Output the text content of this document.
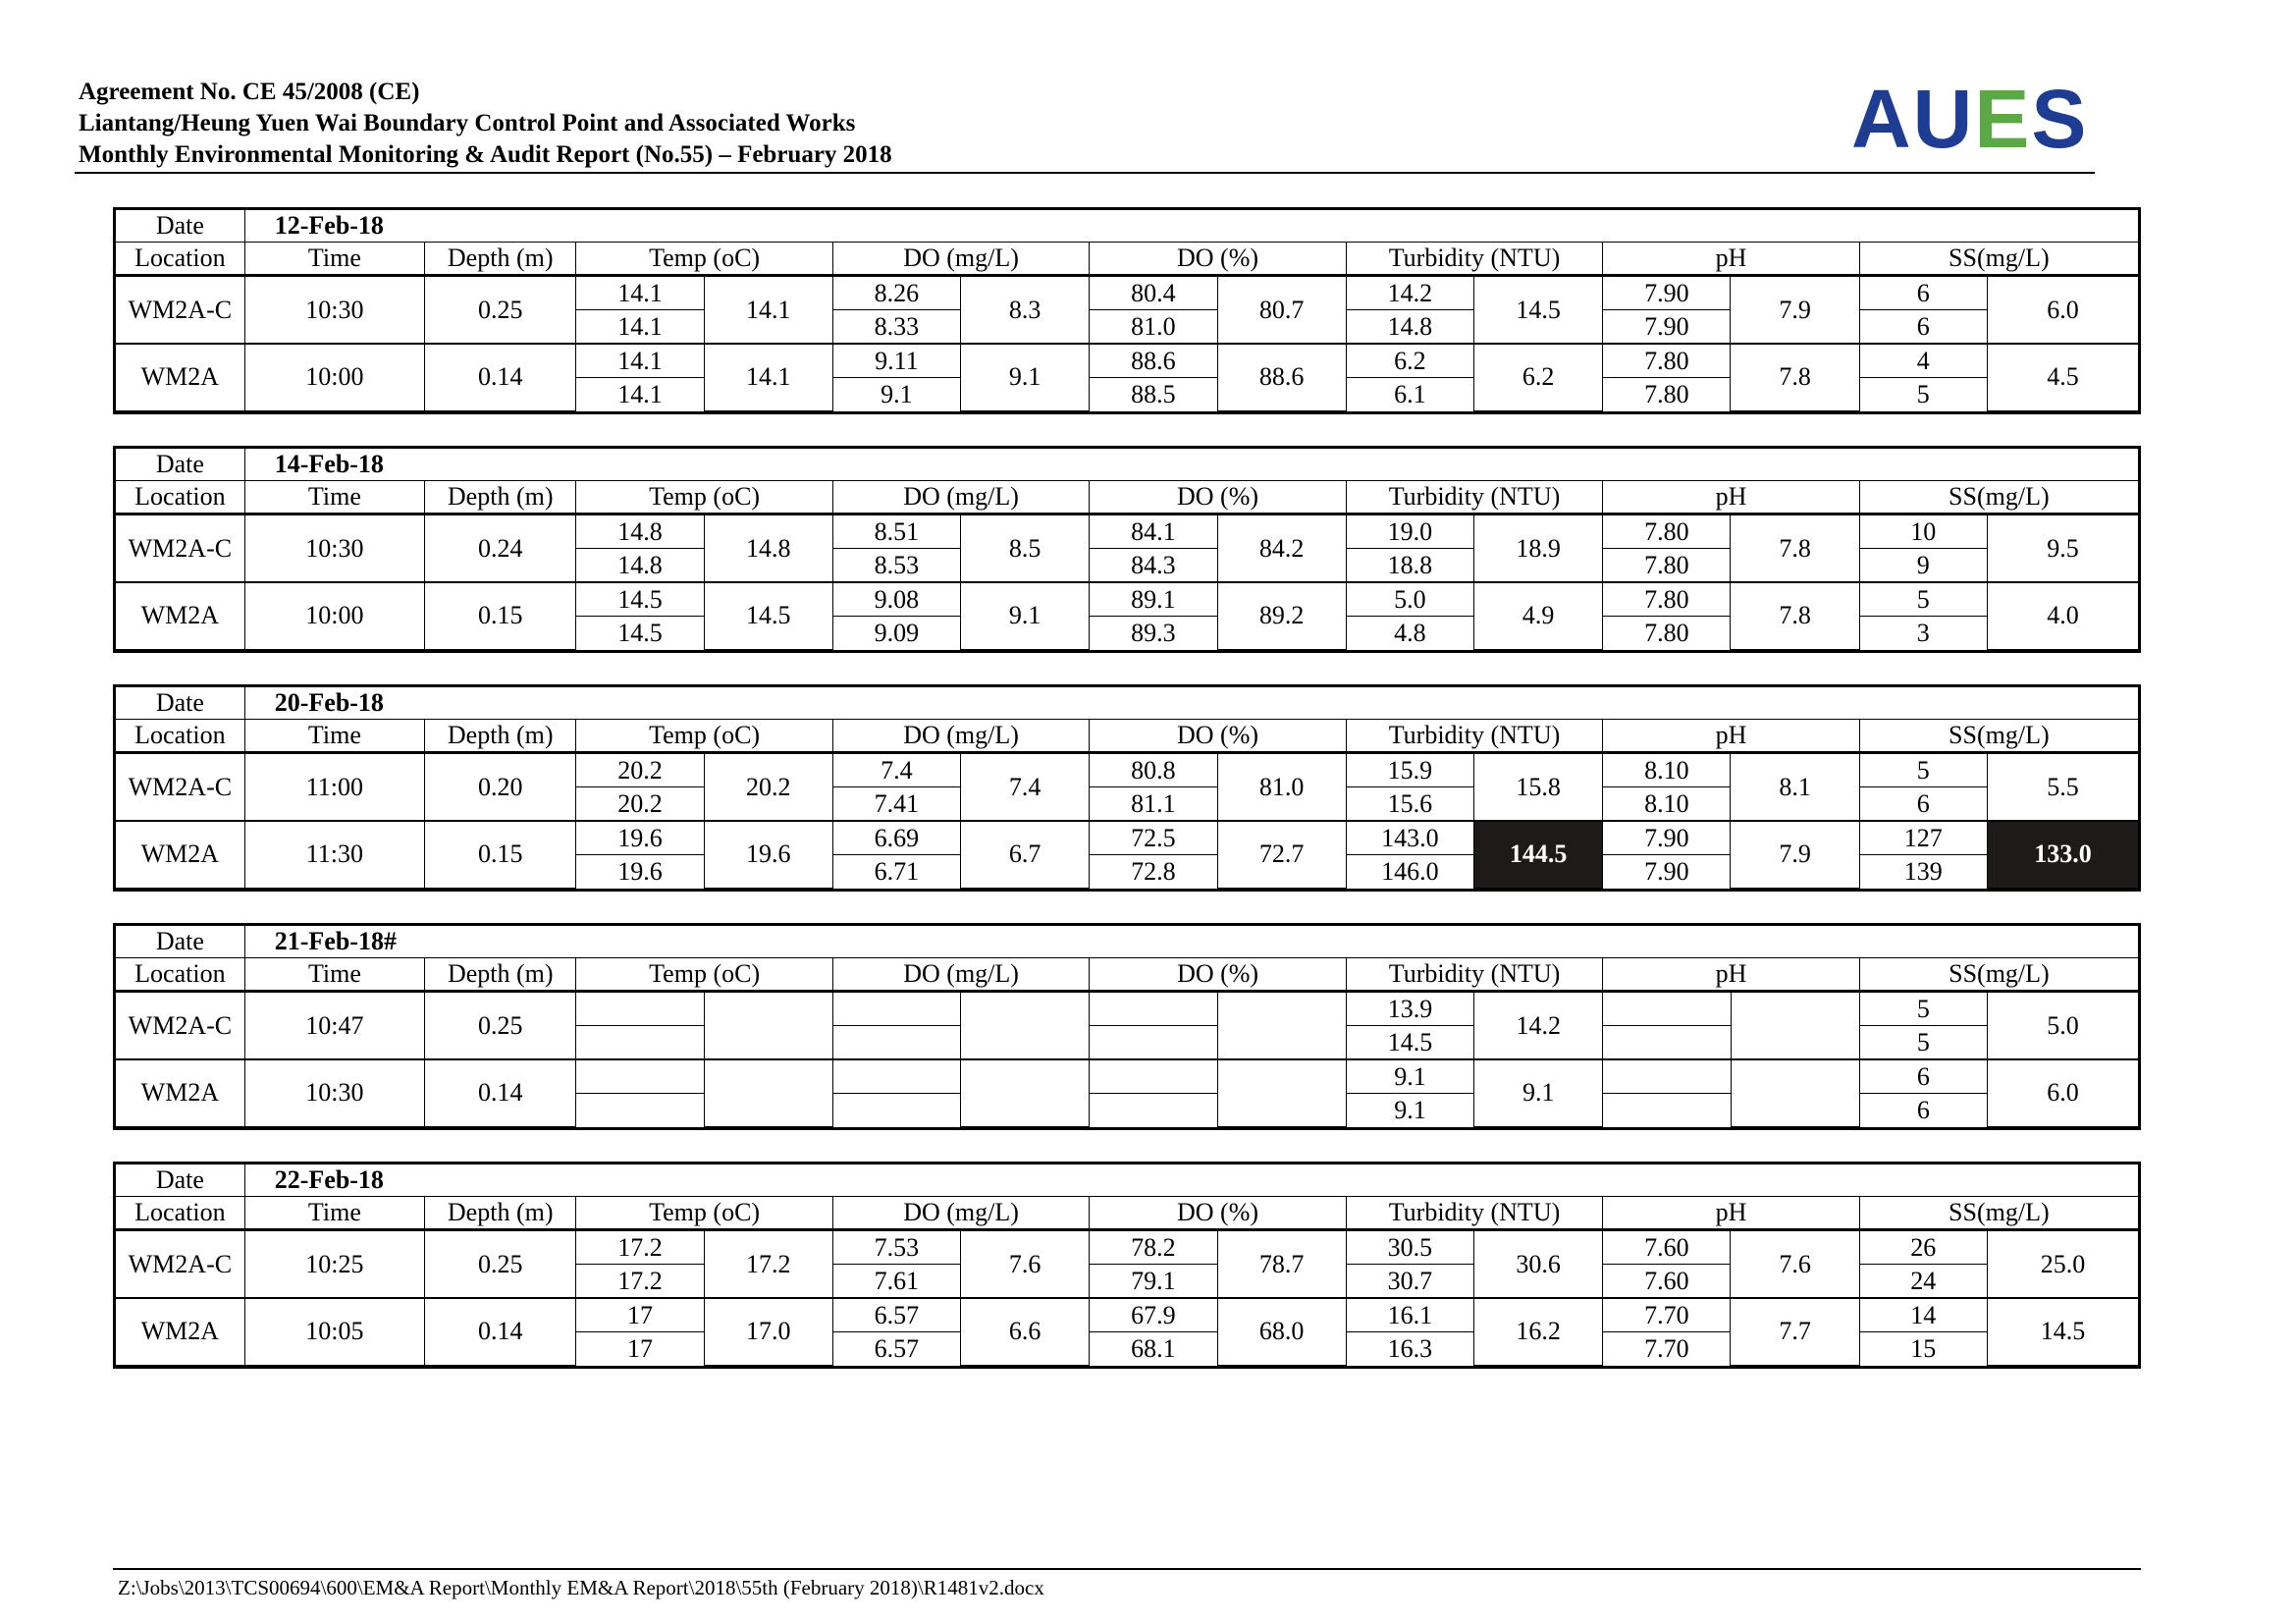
Agreement No. CE 45/2008 (CE)
Liantang/Heung Yuen Wai Boundary Control Point and Associated Works
Monthly Environmental Monitoring & Audit Report (No.55) – February 2018	AUES
Date	12-Feb-18													
Location	Time	Depth (m)	Temp (oC)		DO (mg/L)		DO (%)		Turbidity (NTU)		pH		SS(mg/L)	
WM2A-C	10:30	0.25	14.1	14.1	8.26	8.3	80.4	80.7	14.2	14.5	7.90	7.9	6	6.0
			14.1		8.33		81.0		14.8		7.90		6	
WM2A	10:00	0.14	14.1	14.1	9.11	9.1	88.6	88.6	6.2	6.2	7.80	7.8	4	4.5
			14.1		9.1		88.5		6.1		7.80		5	
Date	14-Feb-18													
Location	Time	Depth (m)	Temp (oC)		DO (mg/L)		DO (%)		Turbidity (NTU)		pH		SS(mg/L)	
WM2A-C	10:30	0.24	14.8	14.8	8.51	8.5	84.1	84.2	19.0	18.9	7.80	7.8	10	9.5
			14.8		8.53		84.3		18.8		7.80		9	
WM2A	10:00	0.15	14.5	14.5	9.08	9.1	89.1	89.2	5.0	4.9	7.80	7.8	5	4.0
			14.5		9.09		89.3		4.8		7.80		3	
Date	20-Feb-18													
Location	Time	Depth (m)	Temp (oC)		DO (mg/L)		DO (%)		Turbidity (NTU)		pH		SS(mg/L)	
WM2A-C	11:00	0.20	20.2	20.2	7.4	7.4	80.8	81.0	15.9	15.8	8.10	8.1	5	5.5
			20.2		7.41		81.1		15.6		8.10		6	
WM2A	11:30	0.15	19.6	19.6	6.69	6.7	72.5	72.7	143.0	144.5	7.90	7.9	127	133.0
			19.6		6.71		72.8		146.0		7.90		139	
Date	21-Feb-18#													
Location	Time	Depth (m)	Temp (oC)		DO (mg/L)		DO (%)		Turbidity (NTU)		pH		SS(mg/L)	
WM2A-C	10:47	0.25							13.9	14.2			5	5.0
									14.5				5	
WM2A	10:30	0.14							9.1	9.1			6	6.0
									9.1				6	
Date	22-Feb-18													
Location	Time	Depth (m)	Temp (oC)		DO (mg/L)		DO (%)		Turbidity (NTU)		pH		SS(mg/L)	
WM2A-C	10:25	0.25	17.2	17.2	7.53	7.6	78.2	78.7	30.5	30.6	7.60	7.6	26	25.0
			17.2		7.61		79.1		30.7		7.60		24	
WM2A	10:05	0.14	17	17.0	6.57	6.6	67.9	68.0	16.1	16.2	7.70	7.7	14	14.5
			17		6.57		68.1		16.3		7.70		15	
Z:\Jobs\2013\TCS00694\600\EM&A Report\Monthly EM&A Report\2018\55th (February 2018)\R1481v2.docx
